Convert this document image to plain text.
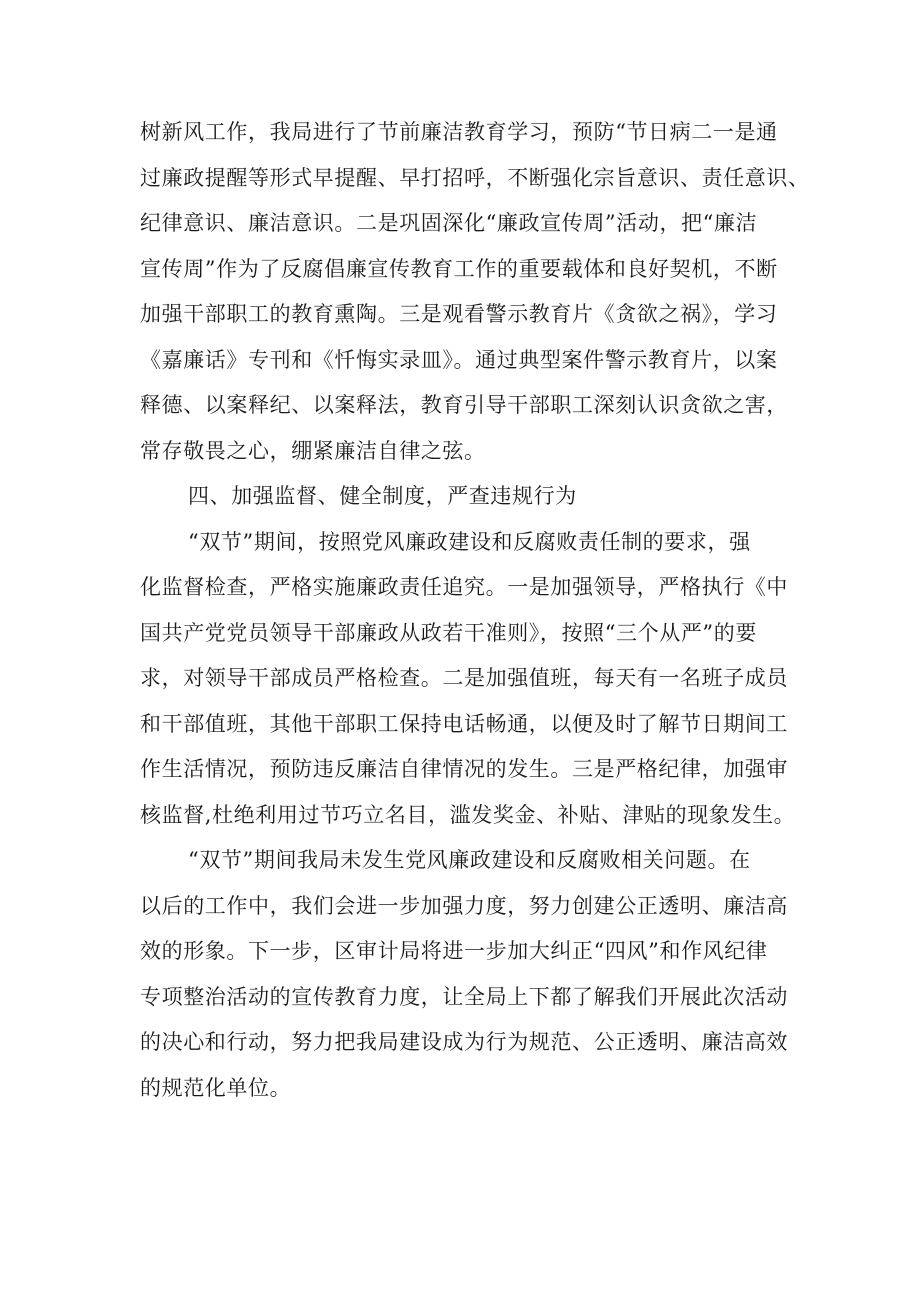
树新风工作，我局进行了节前廉洁教育学习，预防“节日病二一是通
过廉政提醒等形式早提醒、早打招呼，不断强化宗旨意识、责任意识、
纪律意识、廉洁意识。二是巩固深化“廉政宣传周”活动，把“廉洁
宣传周”作为了反腐倡廉宣传教育工作的重要载体和良好契机，不断
加强干部职工的教育熏陶。三是观看警示教育片《贪欲之祸》，学习
《嘉廉话》专刊和《忏悔实录皿》。通过典型案件警示教育片，以案
释德、以案释纪、以案释法，教育引导干部职工深刻认识贪欲之害，
常存敬畏之心，绷紧廉洁自律之弦。
四、加强监督、健全制度，严查违规行为
“双节”期间，按照党风廉政建设和反腐败责任制的要求，强
化监督检查，严格实施廉政责任追究。一是加强领导，严格执行《中
国共产党党员领导干部廉政从政若干准则》，按照“三个从严”的要
求，对领导干部成员严格检查。二是加强值班，每天有一名班子成员
和干部值班，其他干部职工保持电话畅通，以便及时了解节日期间工
作生活情况，预防违反廉洁自律情况的发生。三是严格纪律，加强审
核监督,杜绝利用过节巧立名目，滥发奖金、补贴、津贴的现象发生。
“双节”期间我局未发生党风廉政建设和反腐败相关问题。在
以后的工作中，我们会进一步加强力度，努力创建公正透明、廉洁高
效的形象。下一步，区审计局将进一步加大纠正“四风”和作风纪律
专项整治活动的宣传教育力度，让全局上下都了解我们开展此次活动
的决心和行动，努力把我局建设成为行为规范、公正透明、廉洁高效
的规范化单位。
